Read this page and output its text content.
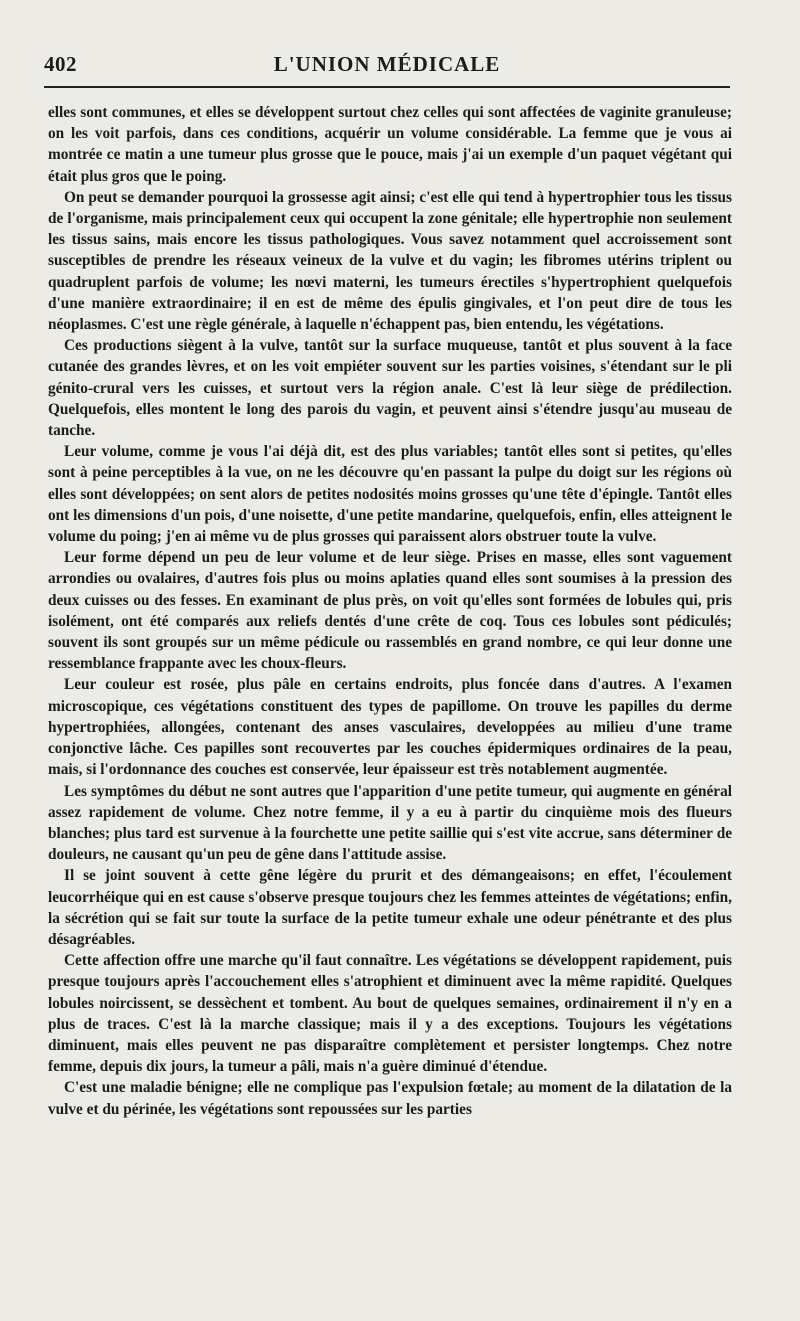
402	L'UNION MÉDICALE

elles sont communes, et elles se développent surtout chez celles qui sont affectées de vaginite granuleuse; on les voit parfois, dans ces conditions, acquérir un volume considérable. La femme que je vous ai montrée ce matin a une tumeur plus grosse que le pouce, mais j'ai un exemple d'un paquet végétant qui était plus gros que le poing.

On peut se demander pourquoi la grossesse agit ainsi; c'est elle qui tend à hypertrophier tous les tissus de l'organisme, mais principalement ceux qui occupent la zone génitale; elle hypertrophie non seulement les tissus sains, mais encore les tissus pathologiques. Vous savez notamment quel accroissement sont susceptibles de prendre les réseaux veineux de la vulve et du vagin; les fibromes utérins triplent ou quadruplent parfois de volume; les nœvi materni, les tumeurs érectiles s'hypertrophient quelquefois d'une manière extraordinaire; il en est de même des épulis gingivales, et l'on peut dire de tous les néoplasmes. C'est une règle générale, à laquelle n'échappent pas, bien entendu, les végétations.

Ces productions siègent à la vulve, tantôt sur la surface muqueuse, tantôt et plus souvent à la face cutanée des grandes lèvres, et on les voit empiéter souvent sur les parties voisines, s'étendant sur le pli génito-crural vers les cuisses, et surtout vers la région anale. C'est là leur siège de prédilection. Quelquefois, elles montent le long des parois du vagin, et peuvent ainsi s'étendre jusqu'au museau de tanche.

Leur volume, comme je vous l'ai déjà dit, est des plus variables; tantôt elles sont si petites, qu'elles sont à peine perceptibles à la vue, on ne les découvre qu'en passant la pulpe du doigt sur les régions où elles sont développées; on sent alors de petites nodosités moins grosses qu'une tête d'épingle. Tantôt elles ont les dimensions d'un pois, d'une noisette, d'une petite mandarine, quelquefois, enfin, elles atteignent le volume du poing; j'en ai même vu de plus grosses qui paraissent alors obstruer toute la vulve.

Leur forme dépend un peu de leur volume et de leur siège. Prises en masse, elles sont vaguement arrondies ou ovalaires, d'autres fois plus ou moins aplaties quand elles sont soumises à la pression des deux cuisses ou des fesses. En examinant de plus près, on voit qu'elles sont formées de lobules qui, pris isolément, ont été comparés aux reliefs dentés d'une crête de coq. Tous ces lobules sont pédiculés; souvent ils sont groupés sur un même pédicule ou rassemblés en grand nombre, ce qui leur donne une ressemblance frappante avec les choux-fleurs.

Leur couleur est rosée, plus pâle en certains endroits, plus foncée dans d'autres. A l'examen microscopique, ces végétations constituent des types de papillome. On trouve les papilles du derme hypertrophiées, allongées, contenant des anses vasculaires, developpées au milieu d'une trame conjonctive lâche. Ces papilles sont recouvertes par les couches épidermiques ordinaires de la peau, mais, si l'ordonnance des couches est conservée, leur épaisseur est très notablement augmentée.

Les symptômes du début ne sont autres que l'apparition d'une petite tumeur, qui augmente en général assez rapidement de volume. Chez notre femme, il y a eu à partir du cinquième mois des flueurs blanches; plus tard est survenue à la fourchette une petite saillie qui s'est vite accrue, sans déterminer de douleurs, ne causant qu'un peu de gêne dans l'attitude assise.

Il se joint souvent à cette gêne légère du prurit et des démangeaisons; en effet, l'écoulement leucorrhéique qui en est cause s'observe presque toujours chez les femmes atteintes de végétations; enfin, la sécrétion qui se fait sur toute la surface de la petite tumeur exhale une odeur pénétrante et des plus désagréables.

Cette affection offre une marche qu'il faut connaître. Les végétations se développent rapidement, puis presque toujours après l'accouchement elles s'atrophient et diminuent avec la même rapidité. Quelques lobules noircissent, se dessèchent et tombent. Au bout de quelques semaines, ordinairement il n'y en a plus de traces. C'est là la marche classique; mais il y a des exceptions. Toujours les végétations diminuent, mais elles peuvent ne pas disparaître complètement et persister longtemps. Chez notre femme, depuis dix jours, la tumeur a pâli, mais n'a guère diminué d'étendue.

C'est une maladie bénigne; elle ne complique pas l'expulsion fœtale; au moment de la dilatation de la vulve et du périnée, les végétations sont repoussées sur les parties
